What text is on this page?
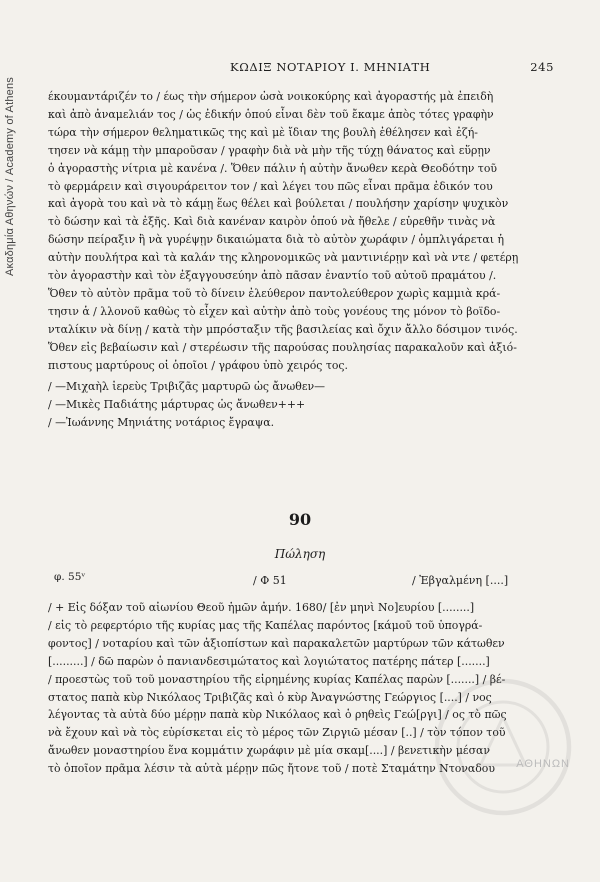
Ακαδημία Αθηνών / Academy of Athens
ΚΩΔΙΞ ΝΟΤΑΡΙΟΥ Ι. ΜΗΝΙΑΤΗ	245
έκουμαντάριζέν το / έως τὴν σήμερον ὡσὰ νοικοκύρης καὶ ἀγοραστής μὰ ἐπειδὴ
καὶ ἀπὸ ἀναμελιάν τος / ὡς ἐδικήν ὁπού εἶναι δὲν τοῦ ἔκαμε ἀπὸς τότες γραφὴν
τώρα τὴν σήμερον θεληματικῶς της καὶ μὲ ἴδιαν της βουλὴ ἐθέλησεν καὶ ἐζή-
τησεν νὰ κάμῃ τὴν μπαροῦσαν / γραφὴν διὰ νὰ μὴν τῆς τύχῃ θάνατος καὶ εὕρῃν
ὁ ἀγοραστὴς νίτρια μὲ κανένα /. Ὅθεν πάλιν ἡ αὐτὴν ἄνωθεν κερὰ Θεοδότην τοῦ
τὸ φερμάρειν καὶ σιγουράρειτον τον / καὶ λέγει του πῶς εἶναι πρᾶμα ἐδικόν του
καὶ ἀγορὰ του καὶ νὰ τὸ κάμῃ ἕως θέλει καὶ βούλεται / πουλήσην χαρίσην ψυχικὸν
τὸ δώσην καὶ τὰ ἐξῆς. Καὶ διὰ κανέναν καιρὸν ὁπού νὰ ἤθελε / εὑρεθῆν τινὰς νὰ
δώσην πείραξιν ἢ νὰ γυρέψῃν δικαιώματα διὰ τὸ αὐτὸν χωράφιν / ὁμπλιγάρεται ἡ
αὐτὴν πουλήτρα καὶ τὰ καλάν της κληρονομικῶς νὰ μαντινιέρῃν καὶ νὰ ντε / φετέρῃ
τὸν ἀγοραστὴν καὶ τὸν ἐξαγγουσεύην ἀπὸ πᾶσαν ἐναντίο τοῦ αὐτοῦ πραμάτου /.
Ὅθεν τὸ αὐτὸν πρᾶμα τοῦ τὸ δίνειν ἐλεύθερον παντολεύθερον χωρὶς καμμιὰ κρά-
τησιν ἁ / λλονοῦ καθὼς τὸ εἶχεν καὶ αὐτὴν ἀπὸ τοὺς γονέους της μόνον τὸ βοϊδο-
νταλίκιν νὰ δίνῃ / κατὰ τὴν μπρόσταξιν τῆς βασιλείας καὶ ὄχιν ἄλλο δόσιμον τινός.
Ὅθεν εἰς βεβαίωσιν καὶ / στερέωσιν τῆς παρούσας πουλησίας παρακαλοῦν καὶ ἀξιό-
πιστους μαρτύρους οἱ ὁποῖοι / γράφου ὑπὸ χειρός τος.
/ —Μιχαὴλ ἱερεὺς Τριβιζᾶς μαρτυρῶ ὡς ἄνωθεν—
/ —Μικὲς Παδιάτης μάρτυρας ὡς ἄνωθεν+++
/ —Ἰωάννης Μηνιάτης νοτάριος ἔγραψα.
90
Πώληση
φ. 55ᵛ	/ Φ 51	/ Ἐβγαλμένη [....]
/ + Εἰς δόξαν τοῦ αἰωνίου Θεοῦ ἡμῶν ἀμήν. 1680/ [ἐν μηνὶ Νο]ευρίου [........]
/ εἰς τὸ ρεφερτόριο τῆς κυρίας μας τῆς Καπέλας παρόντος [κάμοῦ τοῦ ὑπογρά-
φοντος] / νοταρίου καὶ τῶν ἀξιοπίστων καὶ παρακαλετῶν μαρτύρων τῶν κάτωθεν
[.........] / δῶ παρὼν ὁ πανιανδεσιμώτατος καὶ λογιώτατος πατέρης πάτερ [.......]
/ προεστὼς τοῦ τοῦ μοναστηρίου τῆς εἰρημένης κυρίας Καπέλας παρὼν [.......] / βέ-
στατος παπὰ κὺρ Νικόλαος Τριβιζᾶς καὶ ὁ κὺρ Ἀναγνώστης Γεώργιος [....] / νος
λέγοντας τὰ αὐτὰ δύο μέρῃν παπὰ κὺρ Νικόλαος καὶ ὁ ρηθεὶς Γεώ[ργι] / ος τὸ πῶς
νὰ ἔχουν καὶ νὰ τὸς εὑρίσκεται εἰς τὸ μέρος τῶν Ζιργιῶ μέσαν [..] / τὸν τόπον τοῦ
ἄνωθεν μοναστηρίου ἕνα κομμάτιν χωράφιν μὲ μία σκαμ[....] / βενετικὴν μέσαν
τὸ ὁποῖον πρᾶμα λέσιν τὰ αὐτὰ μέρῃν πῶς ἤτονε τοῦ / ποτὲ Σταμάτην Ντοναδου	ΑΘΗΝΩΝ
